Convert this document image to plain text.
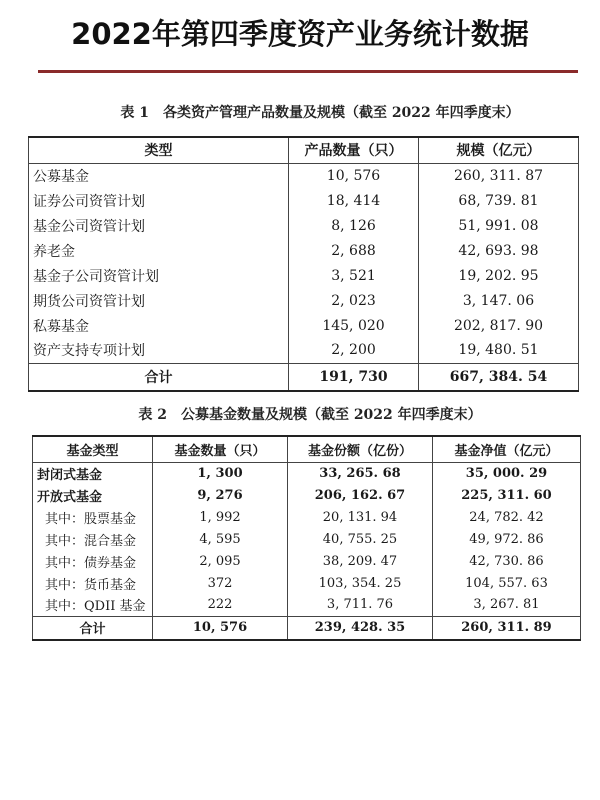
2022年第四季度资产业务统计数据
表 1　各类资产管理产品数量及规模（截至 2022 年四季度末）
类型	产品数量（只）	规模（亿元）
公募基金	10, 576	260, 311. 87
证券公司资管计划	18, 414	68, 739. 81
基金公司资管计划	8, 126	51, 991. 08
养老金	2, 688	42, 693. 98
基金子公司资管计划	3, 521	19, 202. 95
期货公司资管计划	2, 023	3, 147. 06
私募基金	145, 020	202, 817. 90
资产支持专项计划	2, 200	19, 480. 51
合计	191, 730	667, 384. 54
表 2　公募基金数量及规模（截至 2022 年四季度末）
基金类型	基金数量（只）	基金份额（亿份）	基金净值（亿元）
封闭式基金	1, 300	33, 265. 68	35, 000. 29
开放式基金	9, 276	206, 162. 67	225, 311. 60
其中：股票基金	1, 992	20, 131. 94	24, 782. 42
其中：混合基金	4, 595	40, 755. 25	49, 972. 86
其中：债券基金	2, 095	38, 209. 47	42, 730. 86
其中：货币基金	372	103, 354. 25	104, 557. 63
其中：QDII 基金	222	3, 711. 76	3, 267. 81
合计	10, 576	239, 428. 35	260, 311. 89
